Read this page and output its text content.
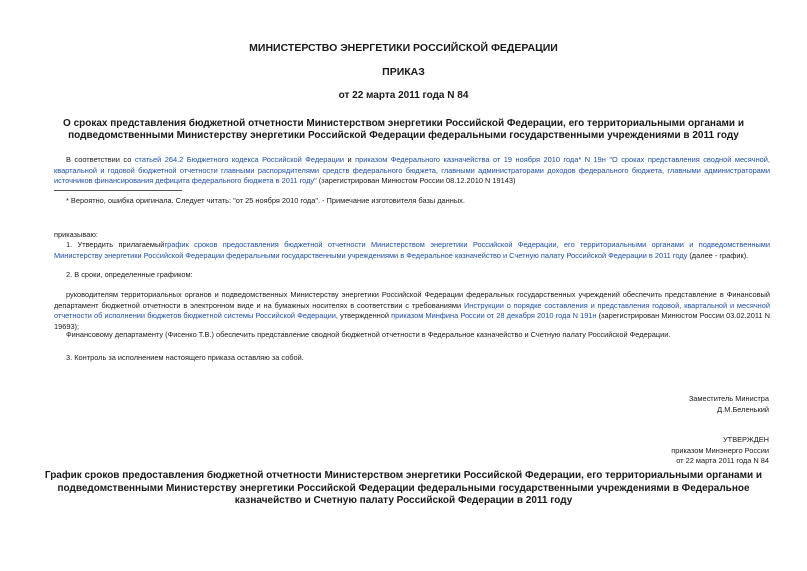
МИНИСТЕРСТВО ЭНЕРГЕТИКИ РОССИЙСКОЙ ФЕДЕРАЦИИ
ПРИКАЗ
от 22 марта 2011 года N 84
О сроках представления бюджетной отчетности Министерством энергетики Российской Федерации, его территориальными органами и подведомственными Министерству энергетики Российской Федерации федеральными государственными учреждениями в 2011 году
В соответствии со статьей 264.2 Бюджетного кодекса Российской Федерации и приказом Федерального казначейства от 19 ноября 2010 года* N 19н "О сроках представления сводной месячной, квартальной и годовой бюджетной отчетности главными распорядителями средств федерального бюджета, главными администраторами доходов федерального бюджета, главными администраторами источников финансирования дефицита федерального бюджета в 2011 году" (зарегистрирован Минюстом России 08.12.2010 N 19143)
* Вероятно, ошибка оригинала. Следует читать: "от 25 ноября 2010 года". - Примечание изготовителя базы данных.
приказываю:
1. Утвердить прилагаемыйграфик сроков предоставления бюджетной отчетности Министерством энергетики Российской Федерации, его территориальными органами и подведомственными Министерству энергетики Российской Федерации федеральными государственными учреждениями в Федеральное казначейство и Счетную палату Российской Федерации в 2011 году (далее - график).
2. В сроки, определенные графиком:
руководителям территориальных органов и подведомственных Министерству энергетики Российской Федерации федеральных государственных учреждений обеспечить представление в Финансовый департамент бюджетной отчетности в электронном виде и на бумажных носителях в соответствии с требованиями Инструкции о порядке составления и представления годовой, квартальной и месячной отчетности об исполнении бюджетов бюджетной системы Российской Федерации, утвержденной приказом Минфина России от 28 декабря 2010 года N 191н (зарегистрирован Минюстом России 03.02.2011 N 19693);
Финансовому департаменту (Фисенко Т.В.) обеспечить представление сводной бюджетной отчетности в Федеральное казначейство и Счетную палату Российской Федерации.
3. Контроль за исполнением настоящего приказа оставляю за собой.
Заместитель Министра
Д.М.Беленький
УТВЕРЖДЕН
приказом Минэнерго России
от 22 марта 2011 года N 84
График сроков предоставления бюджетной отчетности Министерством энергетики Российской Федерации, его территориальными органами и подведомственными Министерству энергетики Российской Федерации федеральными государственными учреждениями в Федеральное казначейство и Счетную палату Российской Федерации в 2011 году
